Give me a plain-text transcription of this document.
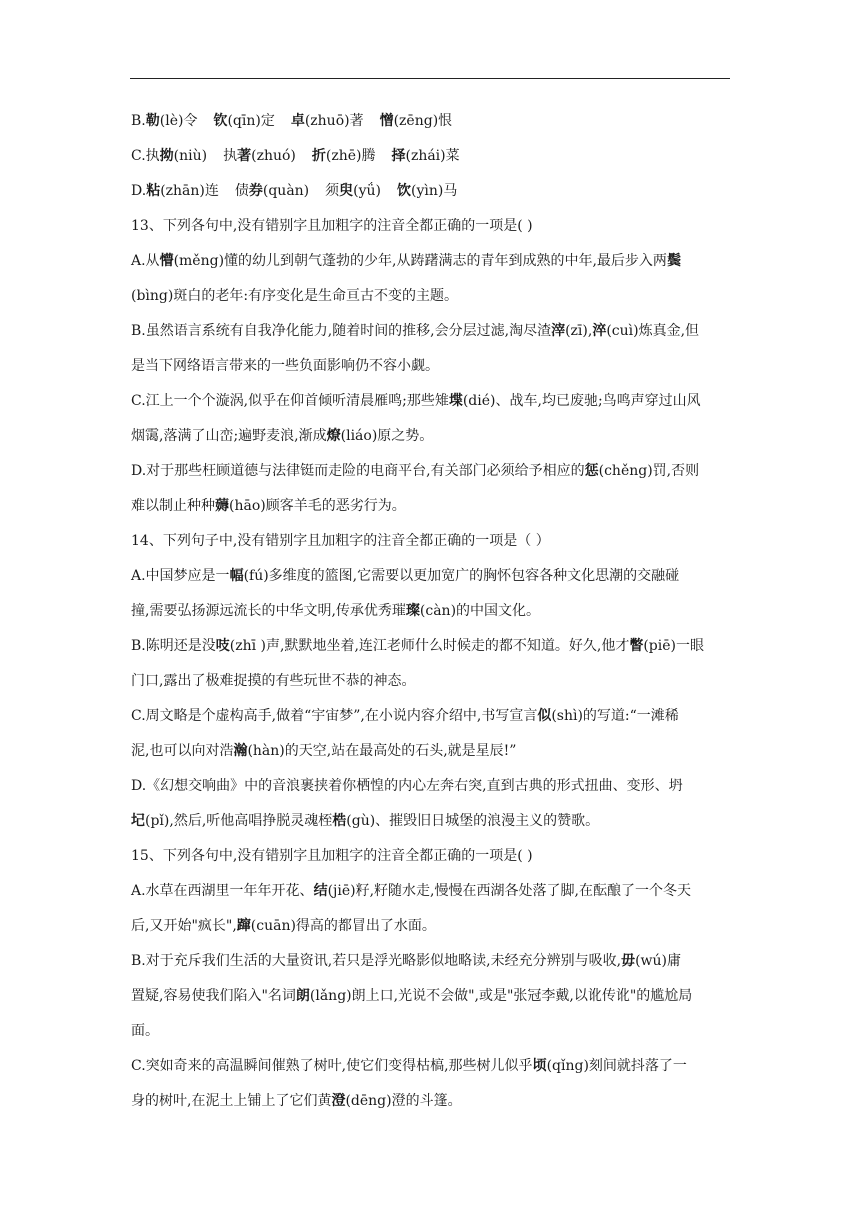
B.勒(lè)令 钦(qīn)定 卓(zhuō)著 憎(zēng)恨
C.执拗(niù) 执著(zhuó) 折(zhē)腾 择(zhái)菜
D.粘(zhān)连 债券(quàn) 须臾(yǘ) 饮(yìn)马
13、下列各句中,没有错别字且加粗字的注音全都正确的一项是( )
A.从懵(měng)懂的幼儿到朝气蓬勃的少年,从踌躇满志的青年到成熟的中年,最后步入两鬓
(bìng)斑白的老年:有序变化是生命亘古不变的主题。
B.虽然语言系统有自我净化能力,随着时间的推移,会分层过滤,淘尽渣滓(zī),淬(cuì)炼真金,但
是当下网络语言带来的一些负面影响仍不容小觑。
C.江上一个个漩涡,似乎在仰首倾听清晨雁鸣;那些雉堞(dié)、战车,均已废驰;鸟鸣声穿过山风
烟霭,落满了山峦;遍野麦浪,渐成燎(liáo)原之势。
D.对于那些枉顾道德与法律铤而走险的电商平台,有关部门必须给予相应的惩(chěng)罚,否则
难以制止种种薅(hāo)顾客羊毛的恶劣行为。
14、下列句子中,没有错别字且加粗字的注音全都正确的一项是（ ）
A.中国梦应是一幅(fú)多维度的篮图,它需要以更加宽广的胸怀包容各种文化思潮的交融碰
撞,需要弘扬源远流长的中华文明,传承优秀璀璨(càn)的中国文化。
B.陈明还是没吱(zhī )声,默默地坐着,连江老师什么时候走的都不知道。好久,他才瞥(piē)一眼
门口,露出了极难捉摸的有些玩世不恭的神态。
C.周文略是个虚构高手,做着“宇宙梦”,在小说内容介绍中,书写宣言似(shì)的写道:“一滩稀
泥,也可以向对浩瀚(hàn)的天空,站在最高处的石头,就是星辰!”
D.《幻想交响曲》中的音浪裹挟着你栖惶的内心左奔右突,直到古典的形式扭曲、变形、坍
圮(pǐ),然后,听他高唱挣脱灵魂桎梏(gù)、摧毁旧日城堡的浪漫主义的赞歌。
15、下列各句中,没有错别字且加粗字的注音全都正确的一项是( )
A.水草在西湖里一年年开花、结(jiē)籽,籽随水走,慢慢在西湖各处落了脚,在酝酿了一个冬天
后,又开始"疯长",蹿(cuān)得高的都冒出了水面。
B.对于充斥我们生活的大量资讯,若只是浮光略影似地略读,未经充分辨别与吸收,毋(wú)庸
置疑,容易使我们陷入"名词朗(lǎng)朗上口,光说不会做",或是"张冠李戴,以讹传讹"的尴尬局
面。
C.突如奇来的高温瞬间催熟了树叶,使它们变得枯槁,那些树儿似乎顷(qǐng)刻间就抖落了一
身的树叶,在泥土上铺上了它们黄澄(dēng)澄的斗篷。
